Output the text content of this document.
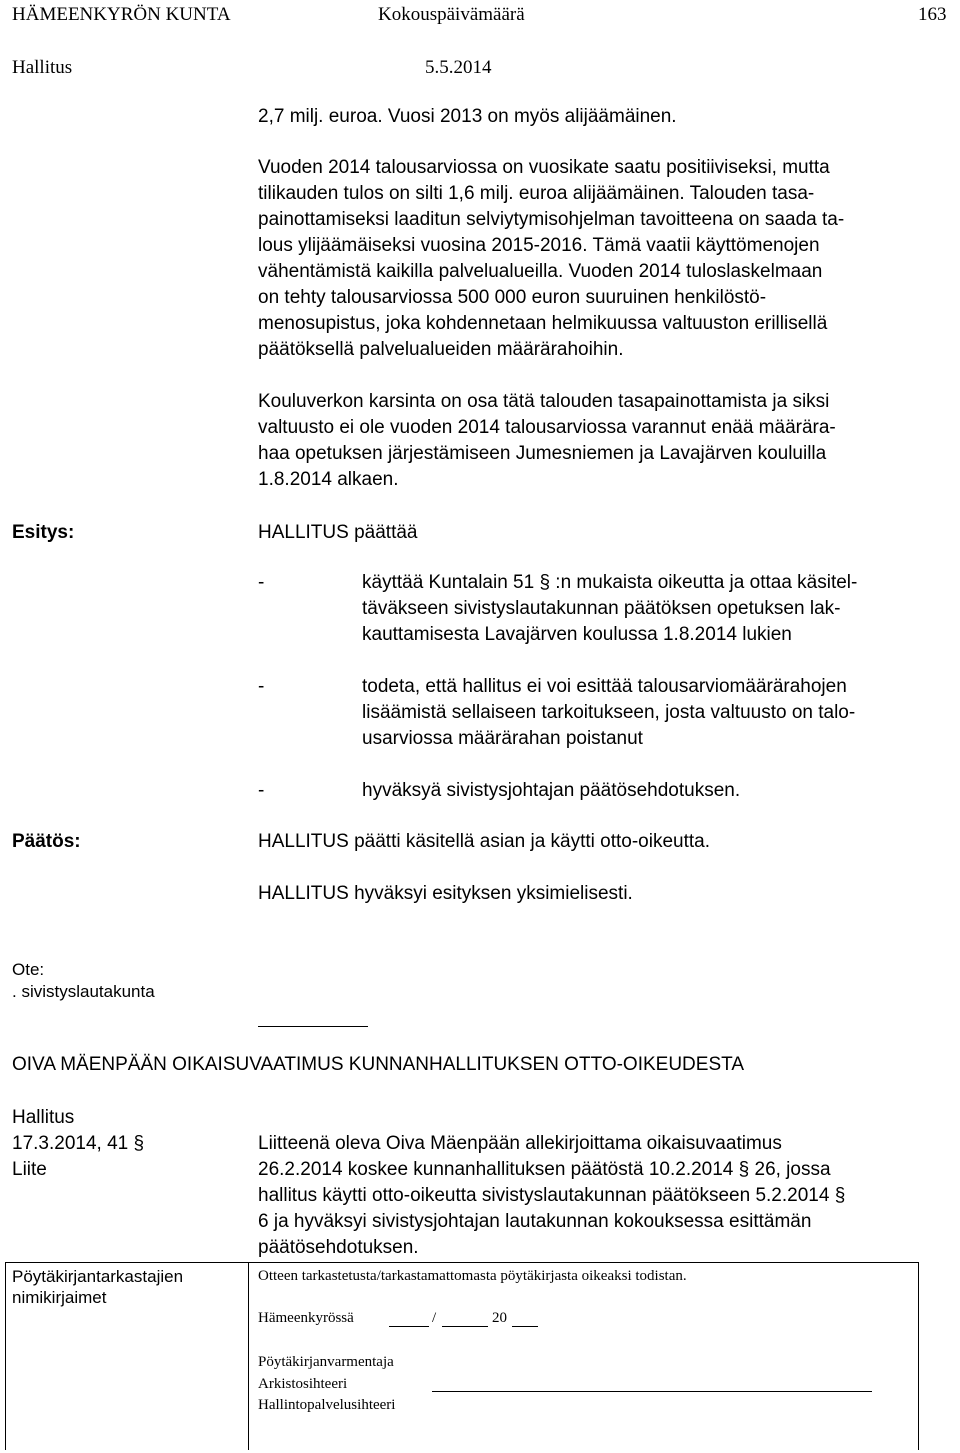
HÄMEENKYRÖN KUNTA	Kokouspäivämäärä	163
Hallitus	5.5.2014
2,7 milj. euroa. Vuosi 2013 on myös alijäämäinen.
Vuoden 2014 talousarviossa on vuosikate saatu positiiviseksi, mutta
tilikauden tulos on silti 1,6 milj. euroa alijäämäinen. Talouden tasa-
painottamiseksi laaditun selviytymisohjelman tavoitteena on saada ta-
lous ylijäämäiseksi vuosina 2015-2016. Tämä vaatii käyttömenojen
vähentämistä kaikilla palvelualueilla. Vuoden 2014 tuloslaskelmaan
on tehty talousarviossa 500 000 euron suuruinen henkilöstö-
menosupistus, joka kohdennetaan helmikuussa valtuuston erillisellä
päätöksellä palvelualueiden määrärahoihin.
Kouluverkon karsinta on osa tätä talouden tasapainottamista ja siksi
valtuusto ei ole vuoden 2014 talousarviossa varannut enää määrära-
haa opetuksen järjestämiseen Jumesniemen ja Lavajärven kouluilla
1.8.2014 alkaen.
Esitys:	HALLITUS päättää
-	käyttää Kuntalain 51 § :n mukaista oikeutta ja ottaa käsitel-
täväkseen sivistyslautakunnan päätöksen opetuksen lak-
kauttamisesta Lavajärven koulussa 1.8.2014 lukien
-	todeta, että hallitus ei voi esittää talousarviomäärärahojen
lisäämistä sellaiseen tarkoitukseen, josta valtuusto on talo-
usarviossa määrärahan poistanut
-	hyväksyä sivistysjohtajan päätösehdotuksen.
Päätös:	HALLITUS päätti käsitellä asian ja käytti otto-oikeutta.
HALLITUS hyväksyi esityksen yksimielisesti.
Ote:
. sivistyslautakunta
OIVA MÄENPÄÄN OIKAISUVAATIMUS KUNNANHALLITUKSEN OTTO-OIKEUDESTA
Hallitus
17.3.2014, 41 §
Liite
Liitteenä oleva Oiva Mäenpään allekirjoittama oikaisuvaatimus
26.2.2014 koskee kunnanhallituksen päätöstä 10.2.2014 § 26, jossa
hallitus käytti otto-oikeutta sivistyslautakunnan päätökseen 5.2.2014 §
6 ja hyväksyi sivistysjohtajan lautakunnan kokouksessa esittämän
päätösehdotuksen.
Pöytäkirjantarkastajien
nimikirjaimet
Otteen tarkastetusta/tarkastamattomasta pöytäkirjasta oikeaksi todistan.
Hämeenkyrössä	/	20
Pöytäkirjanvarmentaja
Arkistosihteeri
Hallintopalvelusihteeri
